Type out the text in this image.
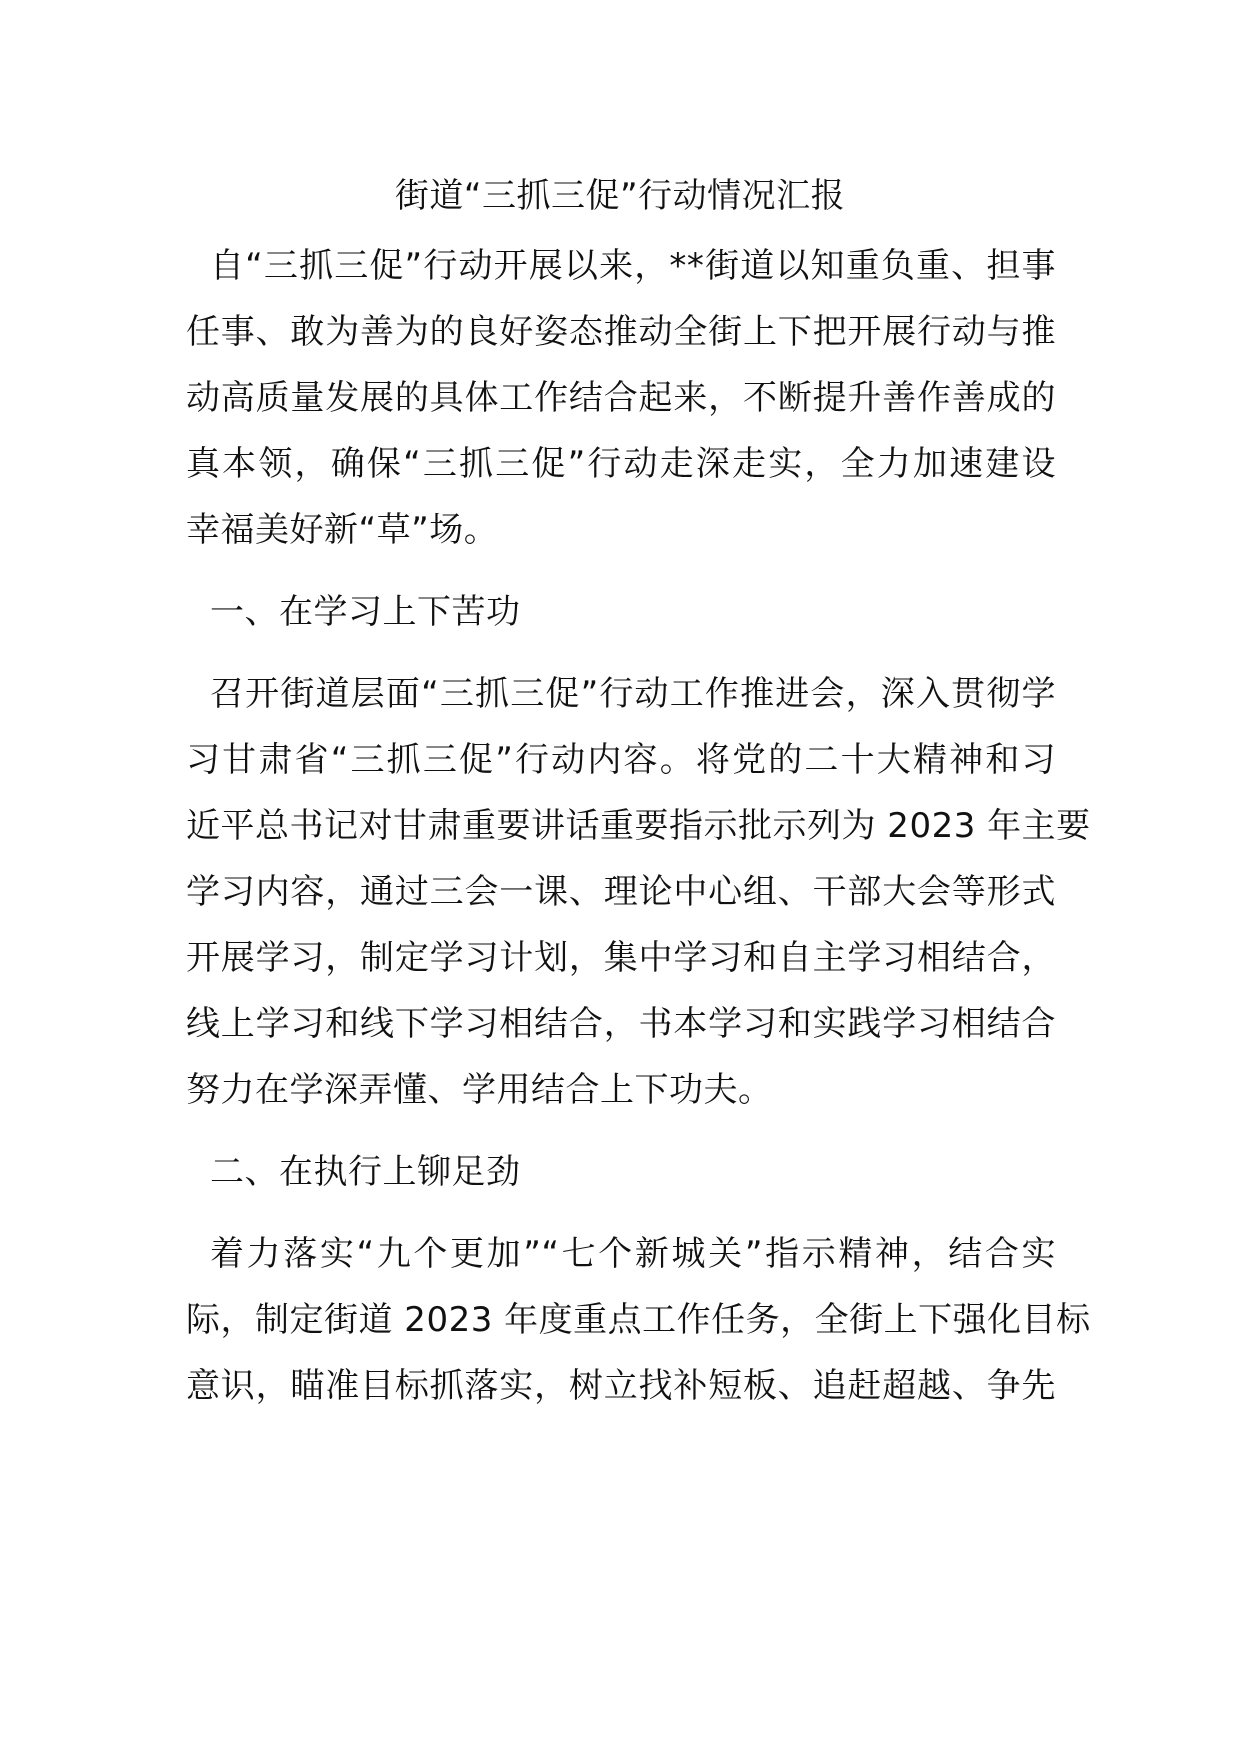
街道“三抓三促”行动情况汇报
自“三抓三促”行动开展以来，**街道以知重负重、担事
任事、敢为善为的良好姿态推动全街上下把开展行动与推
动高质量发展的具体工作结合起来，不断提升善作善成的
真本领，确保“三抓三促”行动走深走实，全力加速建设
幸福美好新“草”场。
一、在学习上下苦功
召开街道层面“三抓三促”行动工作推进会，深入贯彻学
习甘肃省“三抓三促”行动内容。将党的二十大精神和习
近平总书记对甘肃重要讲话重要指示批示列为 2023 年主要
学习内容，通过三会一课、理论中心组、干部大会等形式
开展学习，制定学习计划，集中学习和自主学习相结合，
线上学习和线下学习相结合，书本学习和实践学习相结合
努力在学深弄懂、学用结合上下功夫。
二、在执行上铆足劲
着力落实“九个更加”“七个新城关”指示精神，结合实
际，制定街道 2023 年度重点工作任务，全街上下强化目标
意识，瞄准目标抓落实，树立找补短板、追赶超越、争先
